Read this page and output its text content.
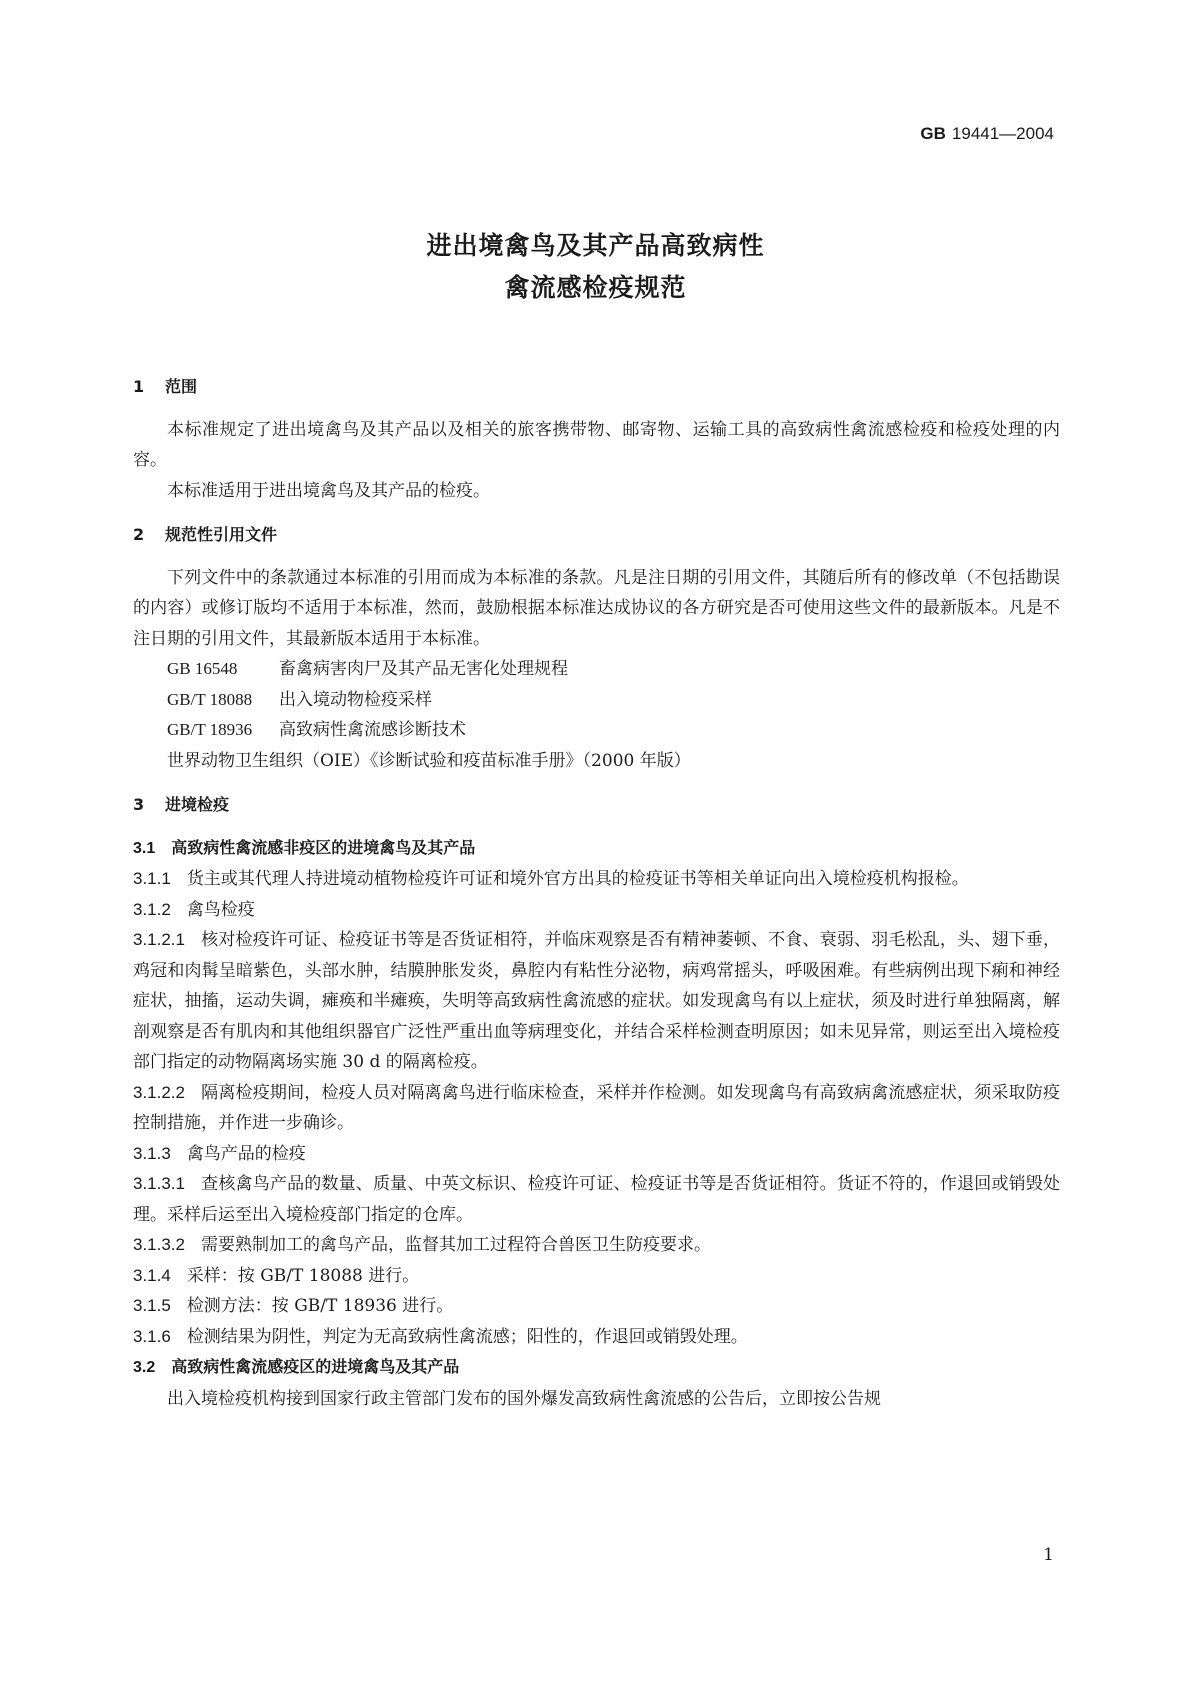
GB 19441—2004
进出境禽鸟及其产品高致病性
禽流感检疫规范

1 范围

本标准规定了进出境禽鸟及其产品以及相关的旅客携带物、邮寄物、运输工具的高致病性禽流感检疫和检疫处理的内容。

本标准适用于进出境禽鸟及其产品的检疫。

2 规范性引用文件

下列文件中的条款通过本标准的引用而成为本标准的条款。凡是注日期的引用文件，其随后所有的修改单（不包括勘误的内容）或修订版均不适用于本标准，然而，鼓励根据本标准达成协议的各方研究是否可使用这些文件的最新版本。凡是不注日期的引用文件，其最新版本适用于本标准。

GB 16548 畜禽病害肉尸及其产品无害化处理规程

GB/T 18088 出入境动物检疫采样

GB/T 18936 高致病性禽流感诊断技术

世界动物卫生组织（OIE）《诊断试验和疫苗标准手册》（2000 年版）

3 进境检疫

3.1 高致病性禽流感非疫区的进境禽鸟及其产品

3.1.1 货主或其代理人持进境动植物检疫许可证和境外官方出具的检疫证书等相关单证向出入境检疫机构报检。

3.1.2 禽鸟检疫

3.1.2.1 核对检疫许可证、检疫证书等是否货证相符，并临床观察是否有精神萎顿、不食、衰弱、羽毛松乱，头、翅下垂，鸡冠和肉髯呈暗紫色，头部水肿，结膜肿胀发炎，鼻腔内有粘性分泌物，病鸡常摇头，呼吸困难。有些病例出现下痢和神经症状，抽搐，运动失调，瘫痪和半瘫痪，失明等高致病性禽流感的症状。如发现禽鸟有以上症状，须及时进行单独隔离，解剖观察是否有肌肉和其他组织器官广泛性严重出血等病理变化，并结合采样检测查明原因；如未见异常，则运至出入境检疫部门指定的动物隔离场实施 30 d 的隔离检疫。

3.1.2.2 隔离检疫期间，检疫人员对隔离禽鸟进行临床检查，采样并作检测。如发现禽鸟有高致病禽流感症状，须采取防疫控制措施，并作进一步确诊。

3.1.3 禽鸟产品的检疫

3.1.3.1 查核禽鸟产品的数量、质量、中英文标识、检疫许可证、检疫证书等是否货证相符。货证不符的，作退回或销毁处理。采样后运至出入境检疫部门指定的仓库。

3.1.3.2 需要熟制加工的禽鸟产品，监督其加工过程符合兽医卫生防疫要求。

3.1.4 采样：按 GB/T 18088 进行。

3.1.5 检测方法：按 GB/T 18936 进行。

3.1.6 检测结果为阴性，判定为无高致病性禽流感；阳性的，作退回或销毁处理。

3.2 高致病性禽流感疫区的进境禽鸟及其产品

出入境检疫机构接到国家行政主管部门发布的国外爆发高致病性禽流感的公告后，立即按公告规

1
